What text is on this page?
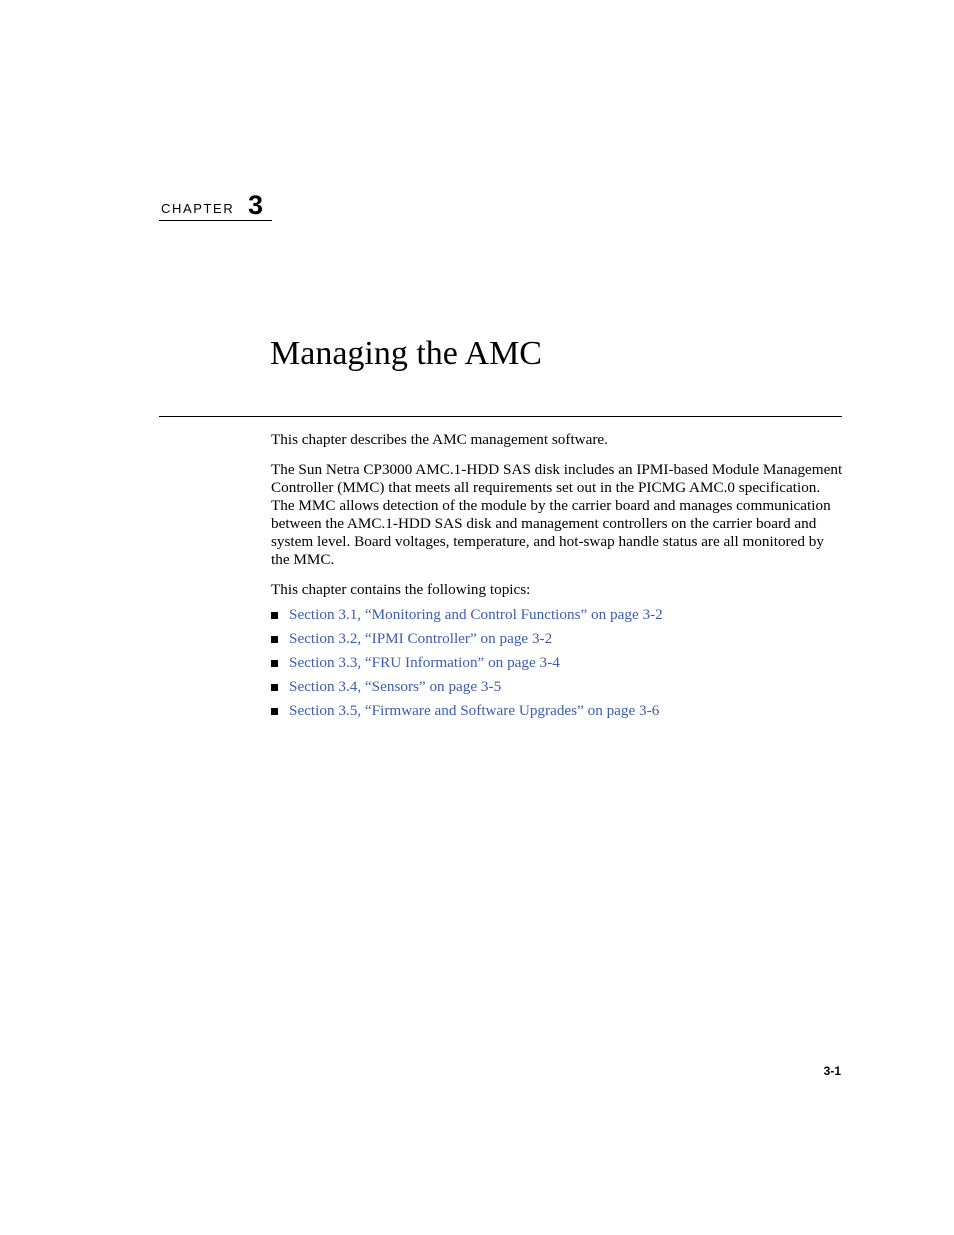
CHAPTER 3
Managing the AMC

This chapter describes the AMC management software.

The Sun Netra CP3000 AMC.1-HDD SAS disk includes an IPMI-based Module Management Controller (MMC) that meets all requirements set out in the PICMG AMC.0 specification. The MMC allows detection of the module by the carrier board and manages communication between the AMC.1-HDD SAS disk and management controllers on the carrier board and system level. Board voltages, temperature, and hot-swap handle status are all monitored by the MMC.

This chapter contains the following topics:

Section 3.1, “Monitoring and Control Functions” on page 3-2
Section 3.2, “IPMI Controller” on page 3-2
Section 3.3, “FRU Information” on page 3-4
Section 3.4, “Sensors” on page 3-5
Section 3.5, “Firmware and Software Upgrades” on page 3-6
3-1
